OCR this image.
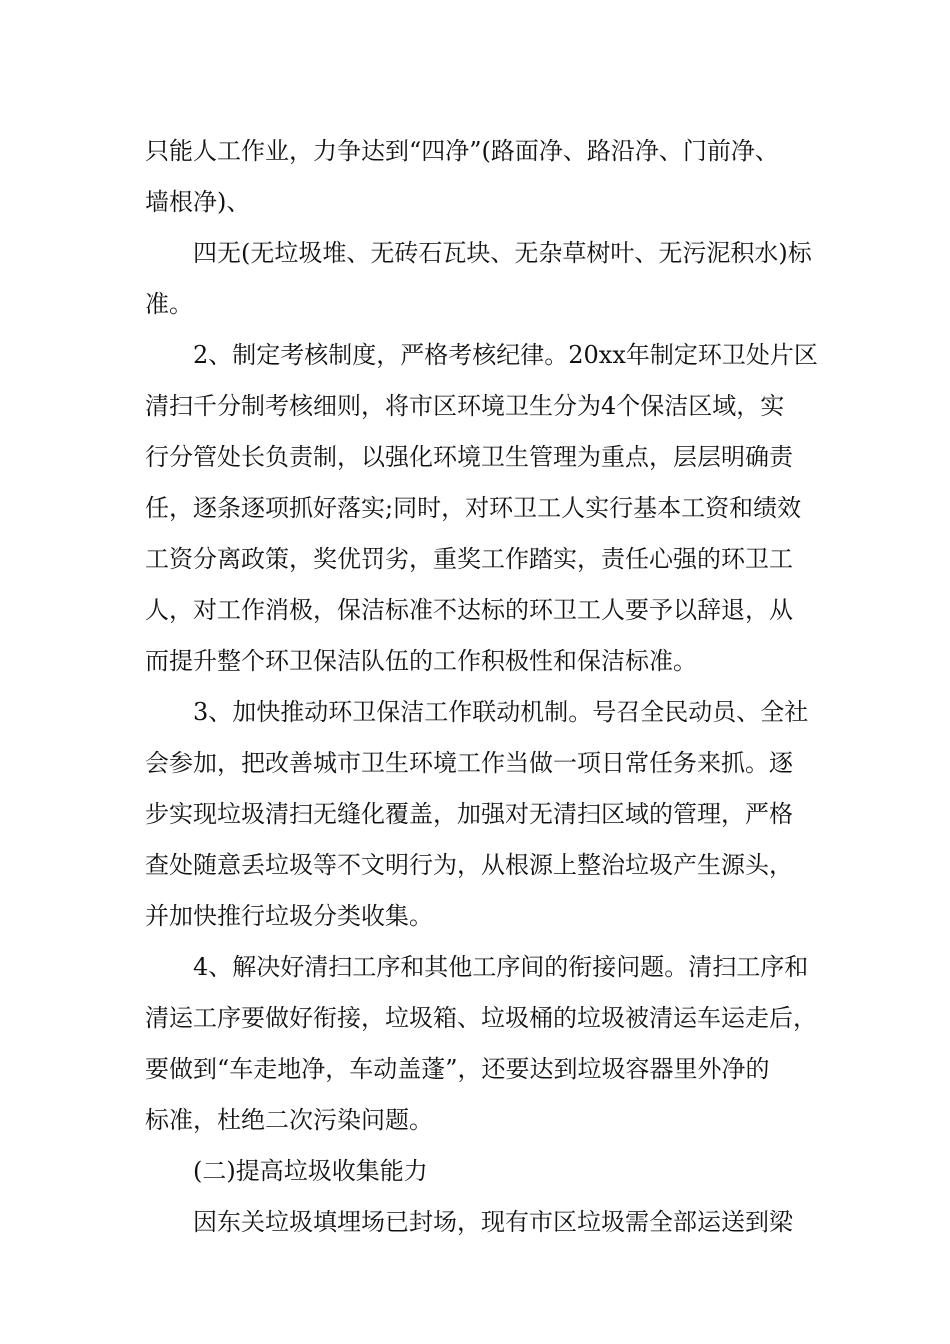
只能人工作业，力争达到“四净”(路面净、路沿净、门前净、
墙根净)、
四无(无垃圾堆、无砖石瓦块、无杂草树叶、无污泥积水)标
准。
2、制定考核制度，严格考核纪律。20xx年制定环卫处片区
清扫千分制考核细则，将市区环境卫生分为4个保洁区域，实
行分管处长负责制，以强化环境卫生管理为重点，层层明确责
任，逐条逐项抓好落实;同时，对环卫工人实行基本工资和绩效
工资分离政策，奖优罚劣，重奖工作踏实，责任心强的环卫工
人，对工作消极，保洁标准不达标的环卫工人要予以辞退，从
而提升整个环卫保洁队伍的工作积极性和保洁标准。
3、加快推动环卫保洁工作联动机制。号召全民动员、全社
会参加，把改善城市卫生环境工作当做一项日常任务来抓。逐
步实现垃圾清扫无缝化覆盖，加强对无清扫区域的管理，严格
查处随意丢垃圾等不文明行为，从根源上整治垃圾产生源头，
并加快推行垃圾分类收集。
4、解决好清扫工序和其他工序间的衔接问题。清扫工序和
清运工序要做好衔接，垃圾箱、垃圾桶的垃圾被清运车运走后，
要做到“车走地净，车动盖蓬”，还要达到垃圾容器里外净的
标准，杜绝二次污染问题。
(二)提高垃圾收集能力
因东关垃圾填埋场已封场，现有市区垃圾需全部运送到梁
